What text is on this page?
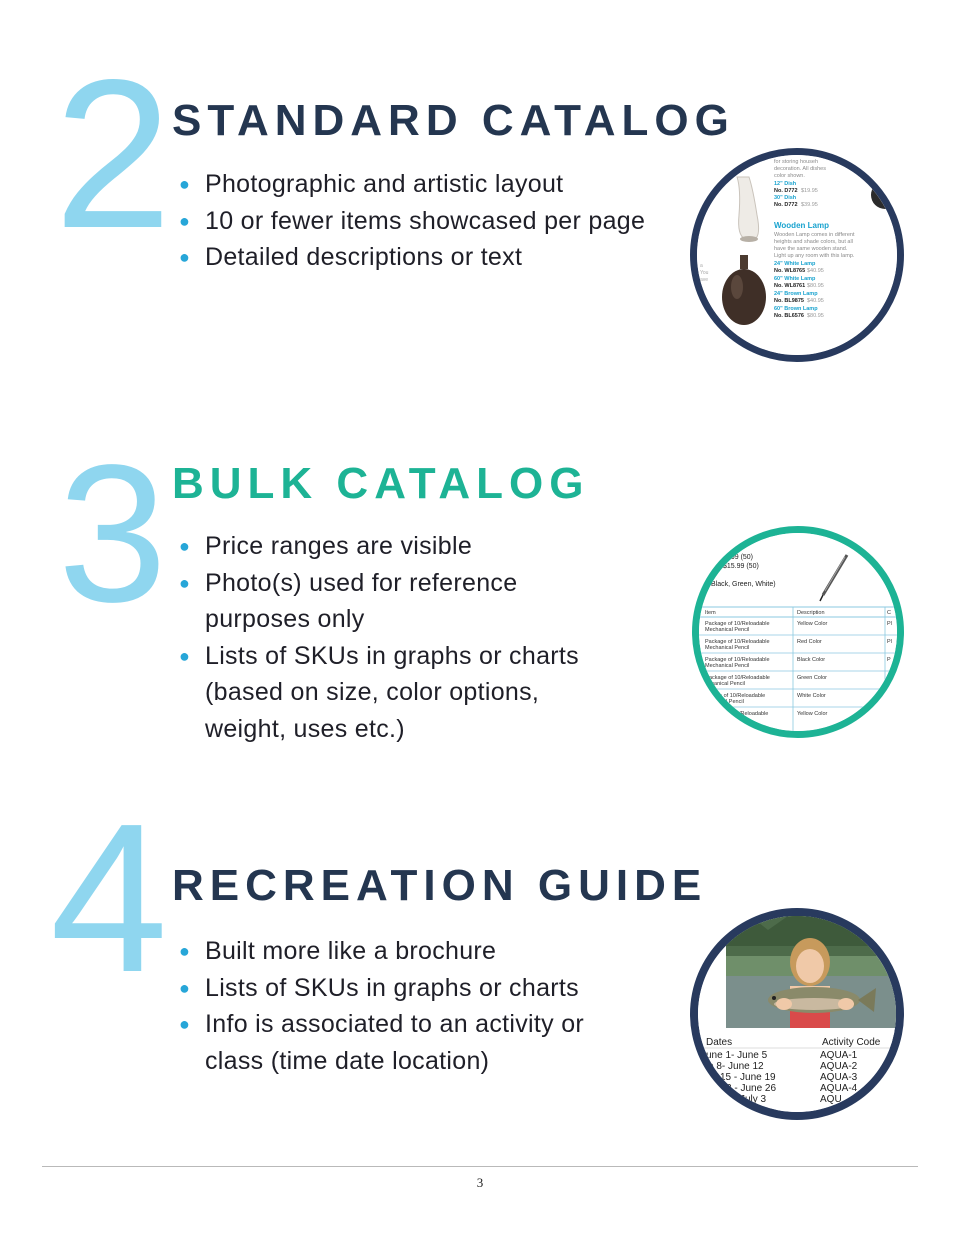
2 STANDARD CATALOG
● Photographic and artistic layout
● 10 or fewer items showcased per page
● Detailed descriptions or text
for storing househ
decoration. All dishes
color shown.
12" Dish
No. D772 $19.95
30" Dish
No. D772 $39.95
Wooden Lamp
Wooden Lamp comes in different
heights and shade colors, but all
have the same wooden stand.
Light up any room with this lamp.
24" White Lamp
No. WL8765 $40.95
60" White Lamp
No. WL8761 $80.95
24" Brown Lamp
No. BL9875 $40.95
60" Brown Lamp
No. BL6576 $80.95
a
You
ave
3 BULK CATALOG
● Price ranges are visible
● Photo(s) used for reference
purposes only
● Lists of SKUs in graphs or charts
(based on size, color options,
weight, uses etc.)
5.99 (50)
$15.99 (50)
Black, Green, White)
Item	Description	C
Package of 10/Reloadable
Mechanical Pencil
Yellow Color	Pl
Package of 10/Reloadable
Mechanical Pencil
Red Color	Pl
Package of 10/Reloadable
Mechanical Pencil
Black Color	P
ackage of 10/Reloadable
hanical Pencil
Green Color
e of 10/Reloadable
al Pencil
White Color
/Reloadable	Yellow Color
4 RECREATION GUIDE
● Built more like a brochure
● Lists of SKUs in graphs or charts
● Info is associated to an activity or
class (time date location)
Dates	Activity Code
une 1- June 5	AQUA-1
e 8- June 12	AQUA-2
15 - June 19	AQUA-3
2 - June 26	AQUA-4
July 3	AQU
3
